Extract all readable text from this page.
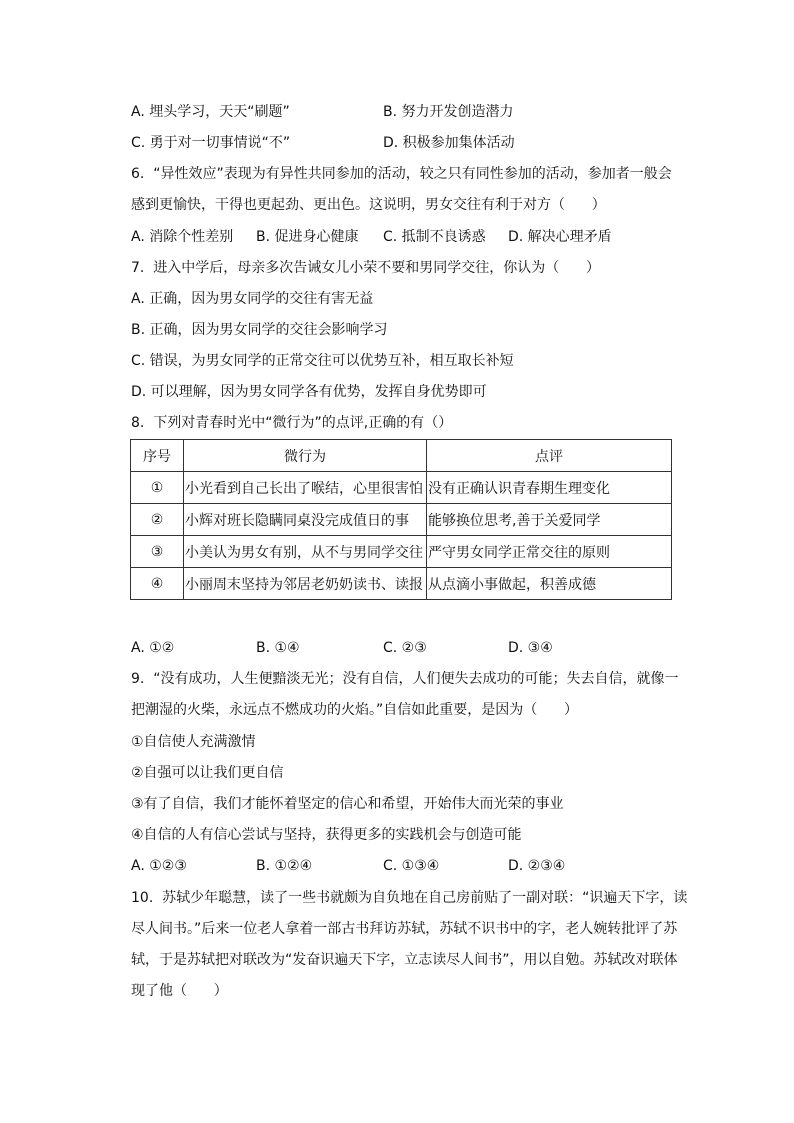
A. 埋头学习，天天“刷题”	B. 努力开发创造潜力
C. 勇于对一切事情说“不”	D. 积极参加集体活动
6.  “异性效应”表现为有异性共同参加的活动，较之只有同性参加的活动，参加者一般会
感到更愉快，干得也更起劲、更出色。这说明，男女交往有利于对方（      ）
A. 消除个性差别 B. 促进身心健康 C. 抵制不良诱惑 D. 解决心理矛盾
7.  进入中学后，母亲多次告诫女儿小荣不要和男同学交往，你认为（      ）
A. 正确，因为男女同学的交往有害无益
B. 正确，因为男女同学的交往会影响学习
C. 错误，为男女同学的正常交往可以优势互补，相互取长补短
D. 可以理解，因为男女同学各有优势，发挥自身优势即可
8.  下列对青春时光中“微行为”的点评,正确的有（）
序号	微行为	点评
①	小光看到自己长出了喉结，心里很害怕	没有正确认识青春期生理变化
②	小辉对班长隐瞒同桌没完成值日的事	能够换位思考,善于关爱同学
③	小美认为男女有别，从不与男同学交往	严守男女同学正常交往的原则
④	小丽周末坚持为邻居老奶奶读书、读报	从点滴小事做起，积善成德
A. ①②	B. ①④	C. ②③	D. ③④
9.  “没有成功，人生便黯淡无光；没有自信，人们便失去成功的可能；失去自信，就像一
把潮湿的火柴，永远点不燃成功的火焰。”自信如此重要，是因为（      ）
①自信使人充满激情
②自强可以让我们更自信
③有了自信，我们才能怀着坚定的信心和希望，开始伟大而光荣的事业
④自信的人有信心尝试与坚持，获得更多的实践机会与创造可能
A. ①②③	B. ①②④	C. ①③④	D. ②③④
10.  苏轼少年聪慧，读了一些书就颇为自负地在自己房前贴了一副对联：“识遍天下字，读
尽人间书。”后来一位老人拿着一部古书拜访苏轼，苏轼不识书中的字，老人婉转批评了苏
轼，于是苏轼把对联改为“发奋识遍天下字，立志读尽人间书”，用以自勉。苏轼改对联体
现了他（      ）
